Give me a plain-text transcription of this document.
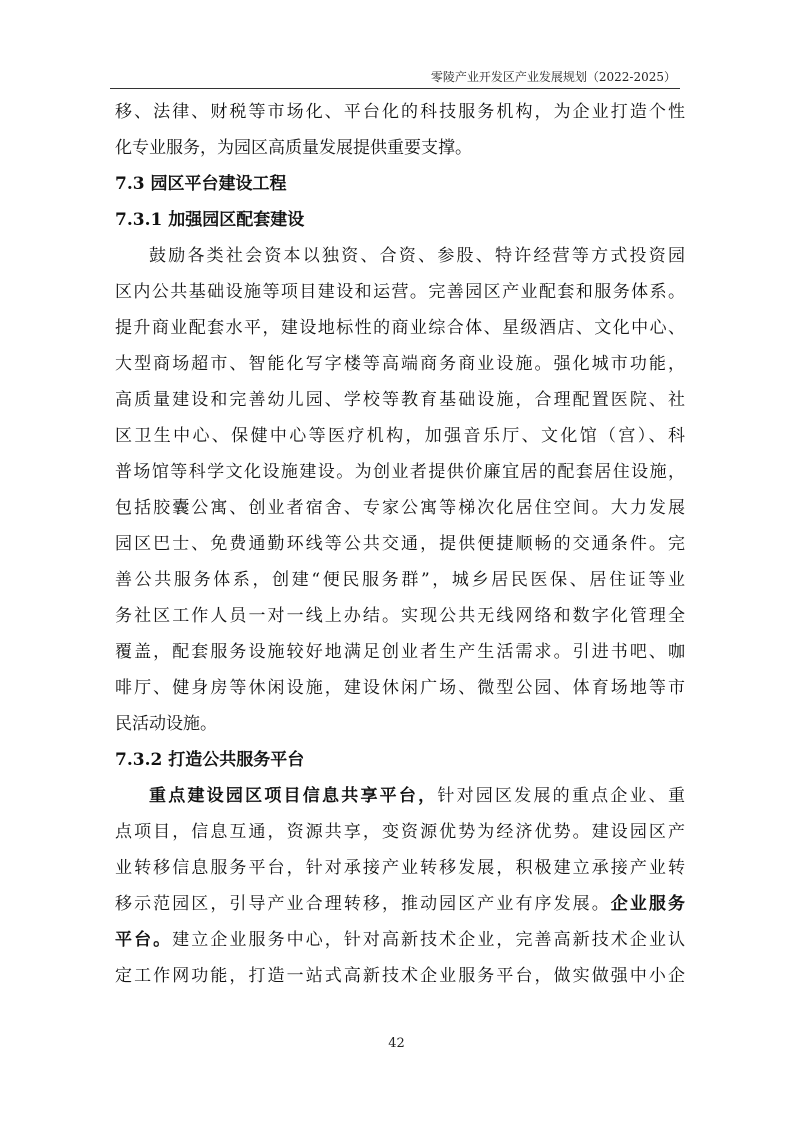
零陵产业开发区产业发展规划（2022-2025）
移、法律、财税等市场化、平台化的科技服务机构，为企业打造个性
化专业服务，为园区高质量发展提供重要支撑。
7.3 园区平台建设工程
7.3.1 加强园区配套建设
鼓励各类社会资本以独资、合资、参股、特许经营等方式投资园
区内公共基础设施等项目建设和运营。完善园区产业配套和服务体系。
提升商业配套水平，建设地标性的商业综合体、星级酒店、文化中心、
大型商场超市、智能化写字楼等高端商务商业设施。强化城市功能，
高质量建设和完善幼儿园、学校等教育基础设施，合理配置医院、社
区卫生中心、保健中心等医疗机构，加强音乐厅、文化馆（宫）、科
普场馆等科学文化设施建设。为创业者提供价廉宜居的配套居住设施，
包括胶囊公寓、创业者宿舍、专家公寓等梯次化居住空间。大力发展
园区巴士、免费通勤环线等公共交通，提供便捷顺畅的交通条件。完
善公共服务体系，创建“便民服务群”，城乡居民医保、居住证等业
务社区工作人员一对一线上办结。实现公共无线网络和数字化管理全
覆盖，配套服务设施较好地满足创业者生产生活需求。引进书吧、咖
啡厅、健身房等休闲设施，建设休闲广场、微型公园、体育场地等市
民活动设施。
7.3.2 打造公共服务平台
重点建设园区项目信息共享平台，针对园区发展的重点企业、重
点项目，信息互通，资源共享，变资源优势为经济优势。建设园区产
业转移信息服务平台，针对承接产业转移发展，积极建立承接产业转
移示范园区，引导产业合理转移，推动园区产业有序发展。企业服务
平台。建立企业服务中心，针对高新技术企业，完善高新技术企业认
定工作网功能，打造一站式高新技术企业服务平台，做实做强中小企
42
